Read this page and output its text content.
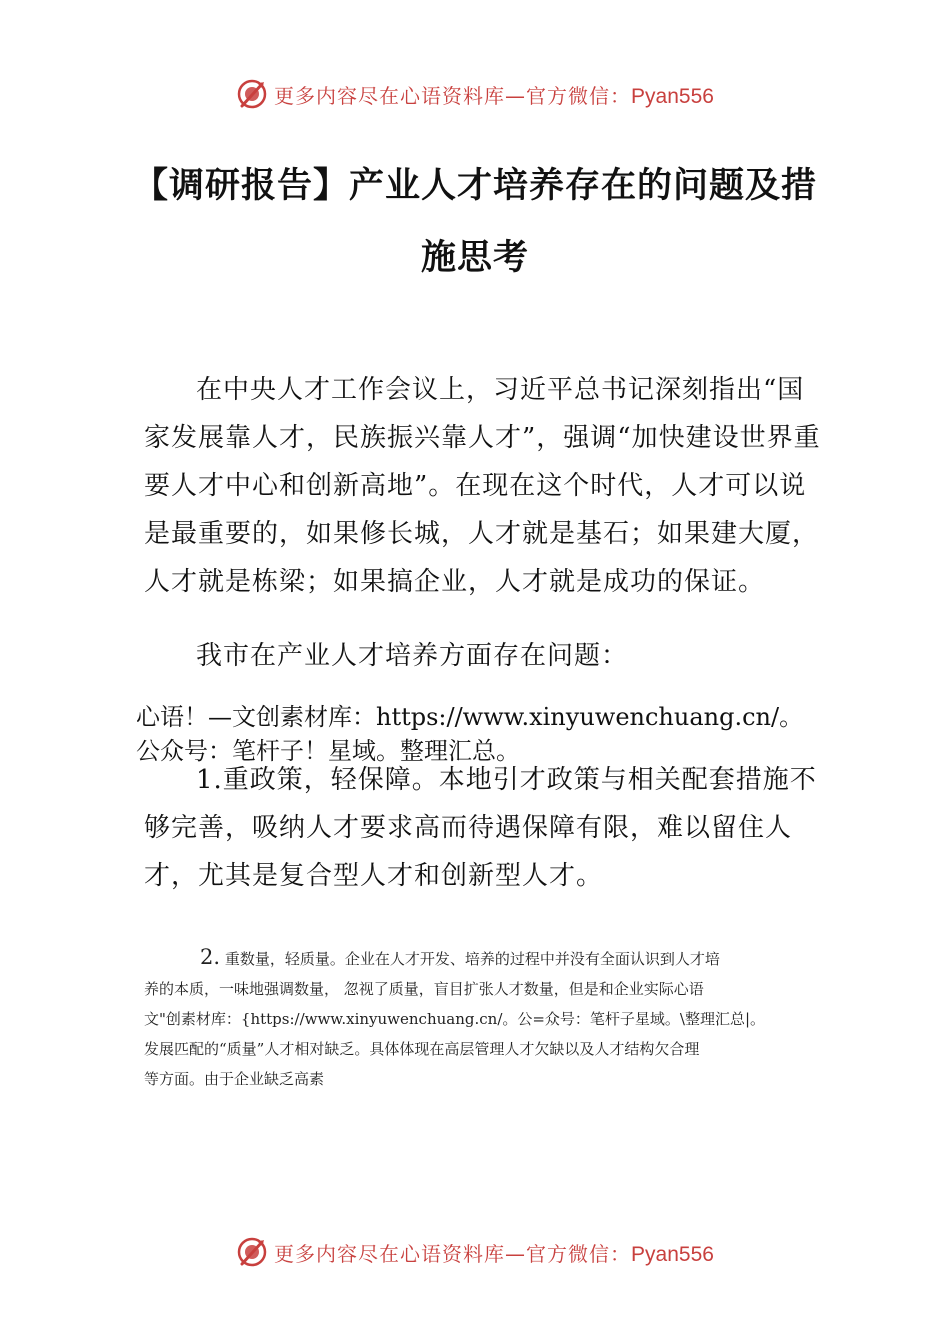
更多内容尽在心语资料库—官方微信：Pyan556
【调研报告】产业人才培养存在的问题及措
施思考
在中央人才工作会议上，习近平总书记深刻指出“国家发展靠人才，民族振兴靠人才”，强调“加快建设世界重要人才中心和创新高地”。在现在这个时代，人才可以说是最重要的，如果修长城，人才就是基石；如果建大厦，人才就是栋梁；如果搞企业，人才就是成功的保证。
我市在产业人才培养方面存在问题：
心语！—文创素材库：https://www.xinyuwenchuang.cn/。
公众号：笔杆子！星域。整理汇总。
1.重政策，轻保障。本地引才政策与相关配套措施不够完善，吸纳人才要求高而待遇保障有限，难以留住人才，尤其是复合型人才和创新型人才。
2. 重数量，轻质量。企业在人才开发、培养的过程中并没有全面认识到人才培
养的本质，一味地强调数量， 忽视了质量，盲目扩张人才数量，但是和企业实际心语
文"创素材库：{https://www.xinyuwenchuang.cn/。公=众号：笔杆子星域。\整理汇总|。
发展匹配的“质量”人才相对缺乏。具体体现在高层管理人才欠缺以及人才结构欠合理
等方面。由于企业缺乏高素
更多内容尽在心语资料库—官方微信：Pyan556
